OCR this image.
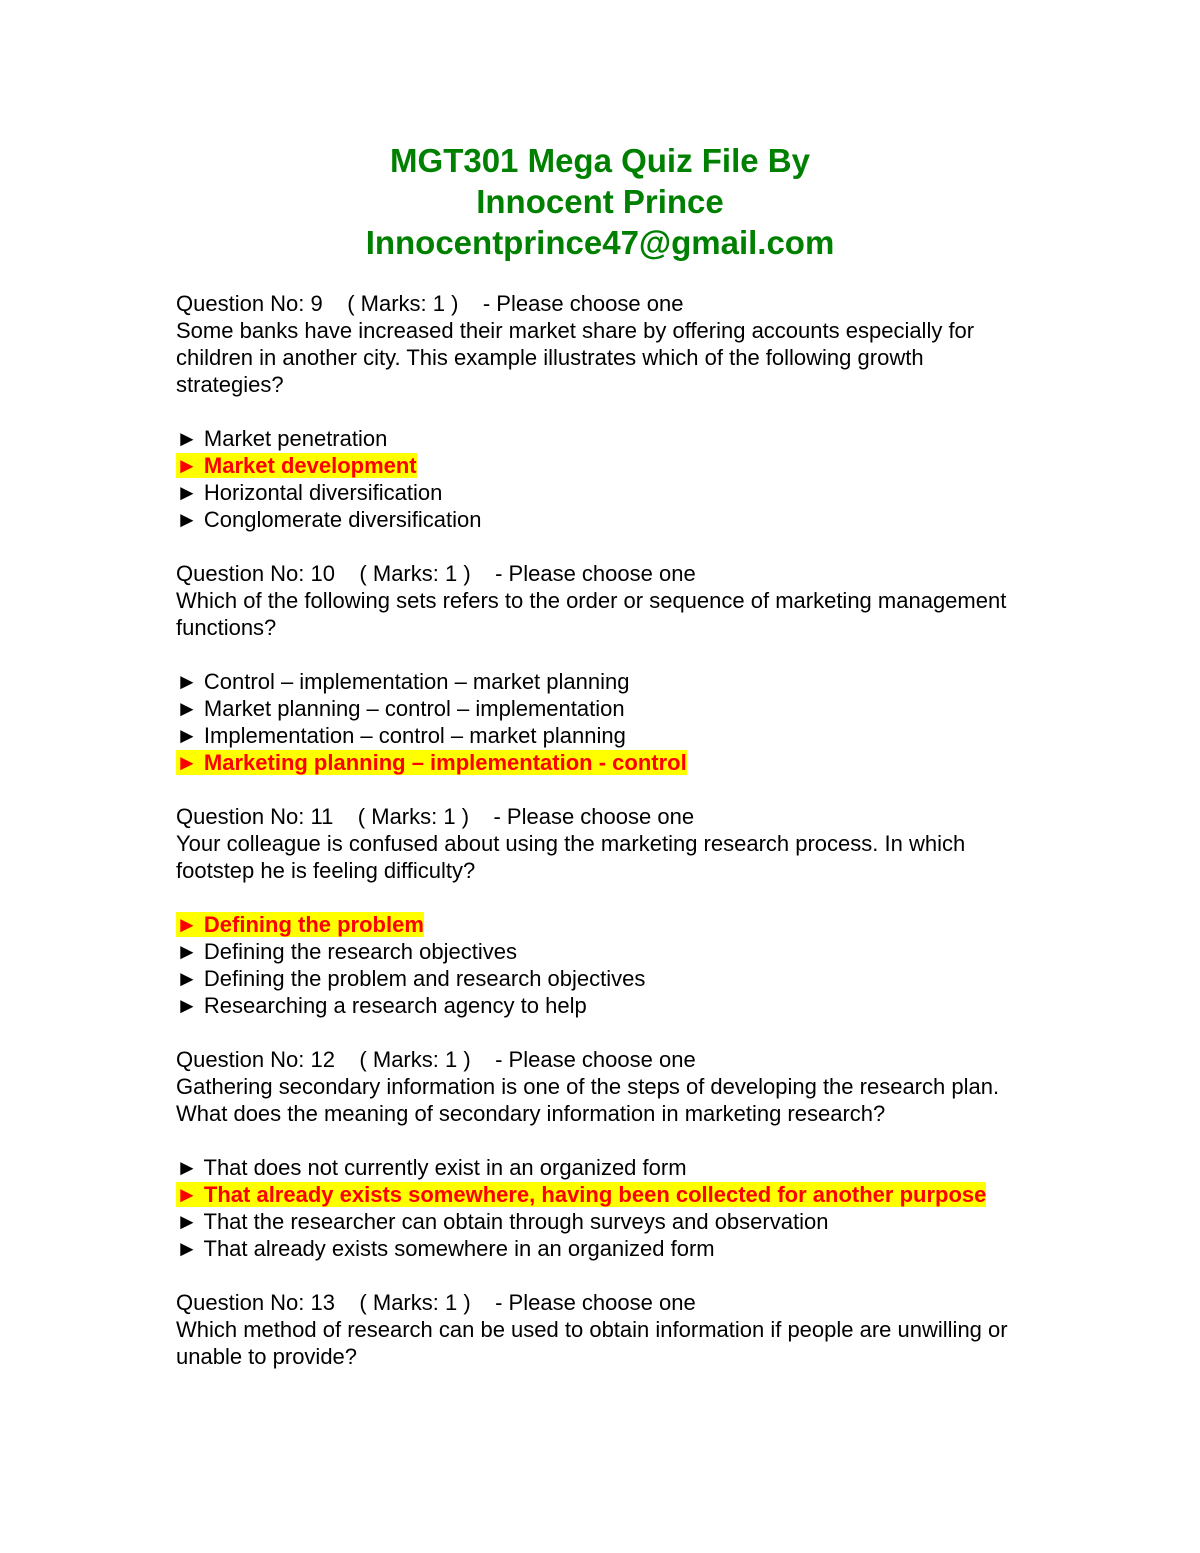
MGT301 Mega Quiz File By
Innocent Prince
Innocentprince47@gmail.com
Question No: 9    ( Marks: 1 )    - Please choose one
Some banks have increased their market share by offering accounts especially for children in another city. This example illustrates which of the following growth strategies?
► Market penetration
► Market development
► Horizontal diversification
► Conglomerate diversification
Question No: 10    ( Marks: 1 )    - Please choose one
Which of the following sets refers to the order or sequence of marketing management functions?
► Control – implementation – market planning
► Market planning – control – implementation
► Implementation – control – market planning
► Marketing planning – implementation - control
Question No: 11    ( Marks: 1 )    - Please choose one
Your colleague is confused about using the marketing research process. In which footstep he is feeling difficulty?
► Defining the problem
► Defining the research objectives
► Defining the problem and research objectives
► Researching a research agency to help
Question No: 12    ( Marks: 1 )    - Please choose one
Gathering secondary information is one of the steps of developing the research plan. What does the meaning of secondary information in marketing research?
► That does not currently exist in an organized form
► That already exists somewhere, having been collected for another purpose
► That the researcher can obtain through surveys and observation
► That already exists somewhere in an organized form
Question No: 13    ( Marks: 1 )    - Please choose one
Which method of research can be used to obtain information if people are unwilling or unable to provide?
